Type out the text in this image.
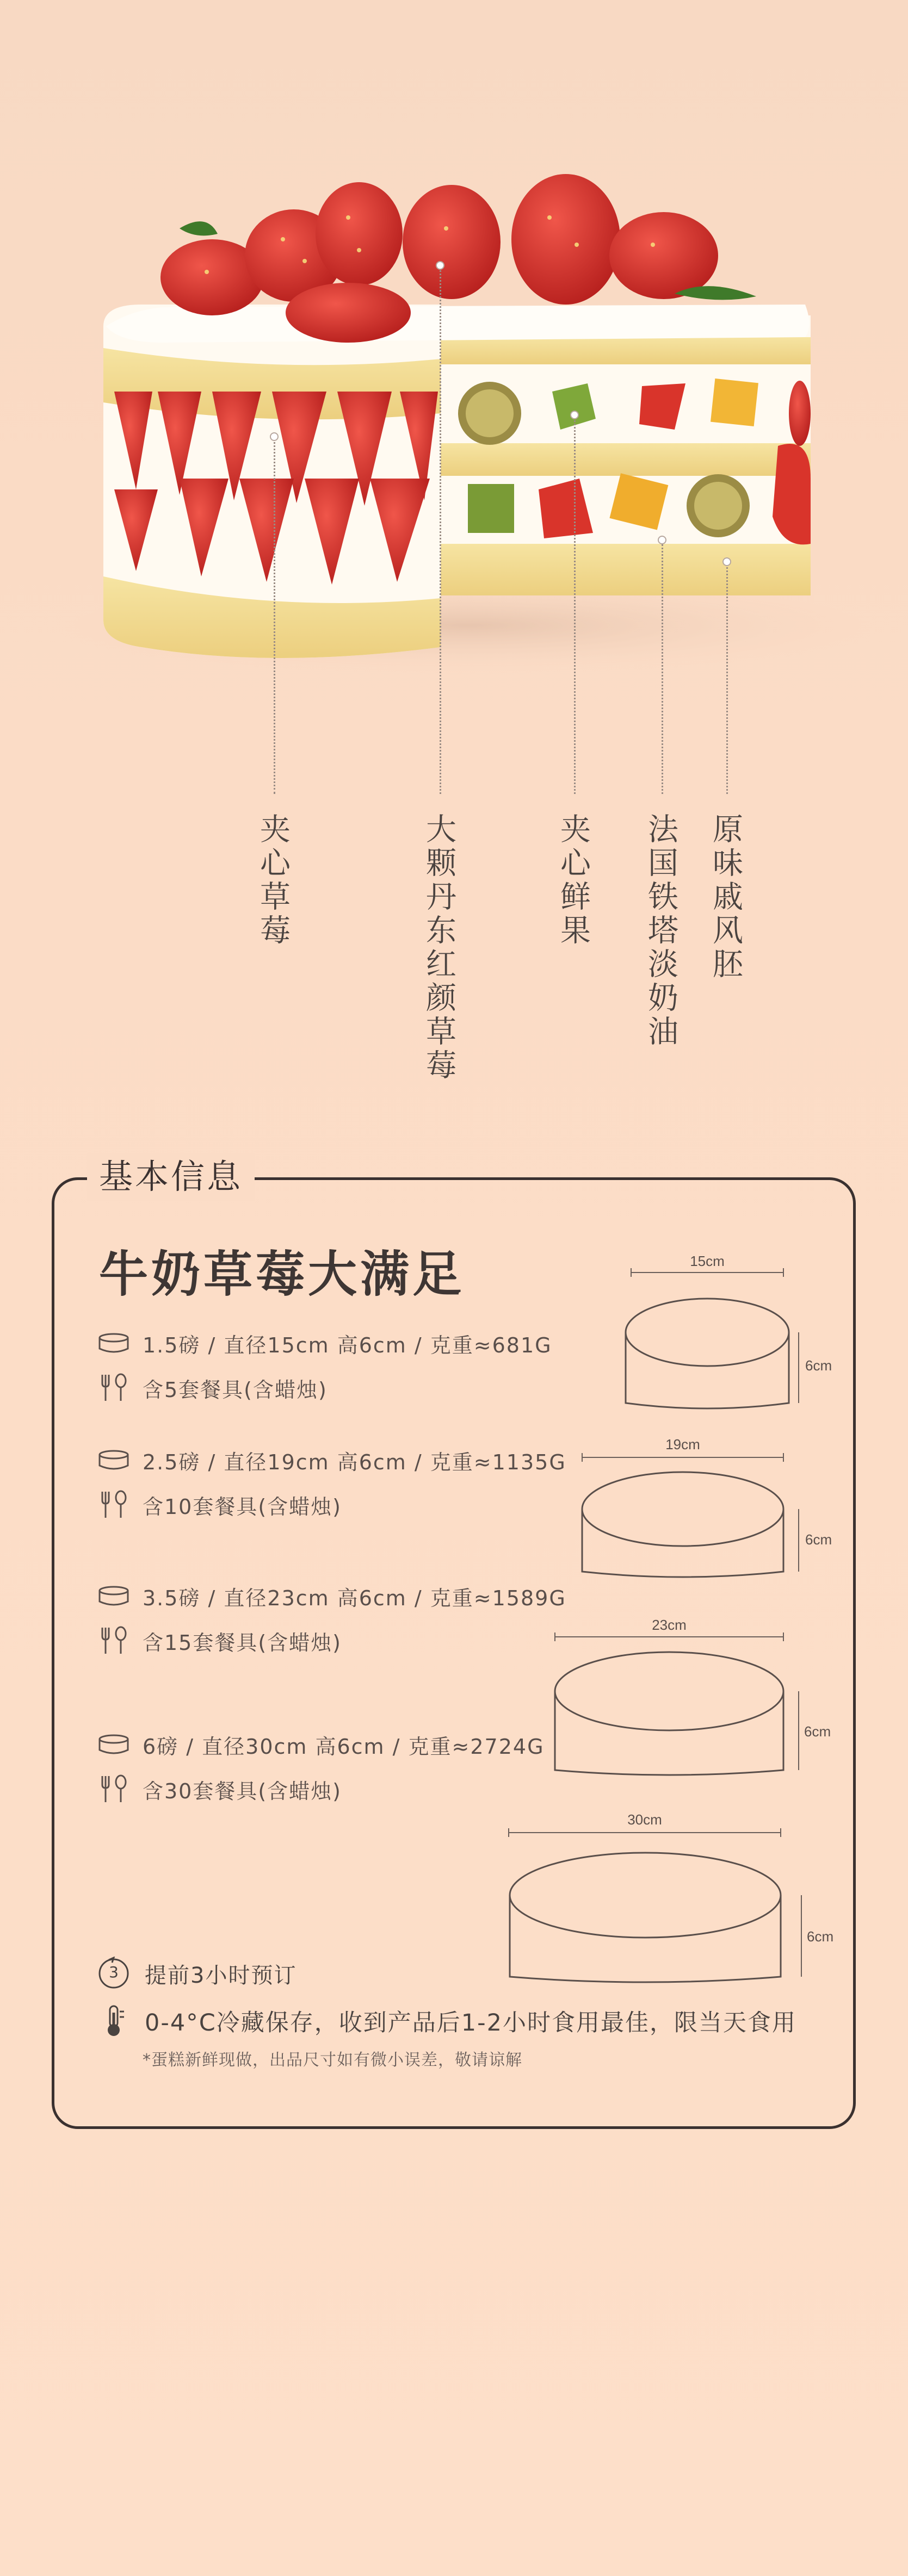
夹心草莓	大颗丹东红颜草莓	夹心鲜果 法国铁塔淡奶油 原味戚风胚
基本信息
牛奶草莓大满足
1.5磅 / 直径15cm 高6cm / 克重≈681G
含5套餐具(含蜡烛)
2.5磅 / 直径19cm 高6cm / 克重≈1135G
含10套餐具(含蜡烛)
3.5磅 / 直径23cm 高6cm / 克重≈1589G
含15套餐具(含蜡烛)
6磅 / 直径30cm 高6cm / 克重≈2724G
含30套餐具(含蜡烛)
15cm
6cm
19cm
6cm
23cm
6cm
30cm
6cm
3	提前3小时预订
0-4°C冷藏保存，收到产品后1-2小时食用最佳，限当天食用
*蛋糕新鲜现做，出品尺寸如有微小误差，敬请谅解
